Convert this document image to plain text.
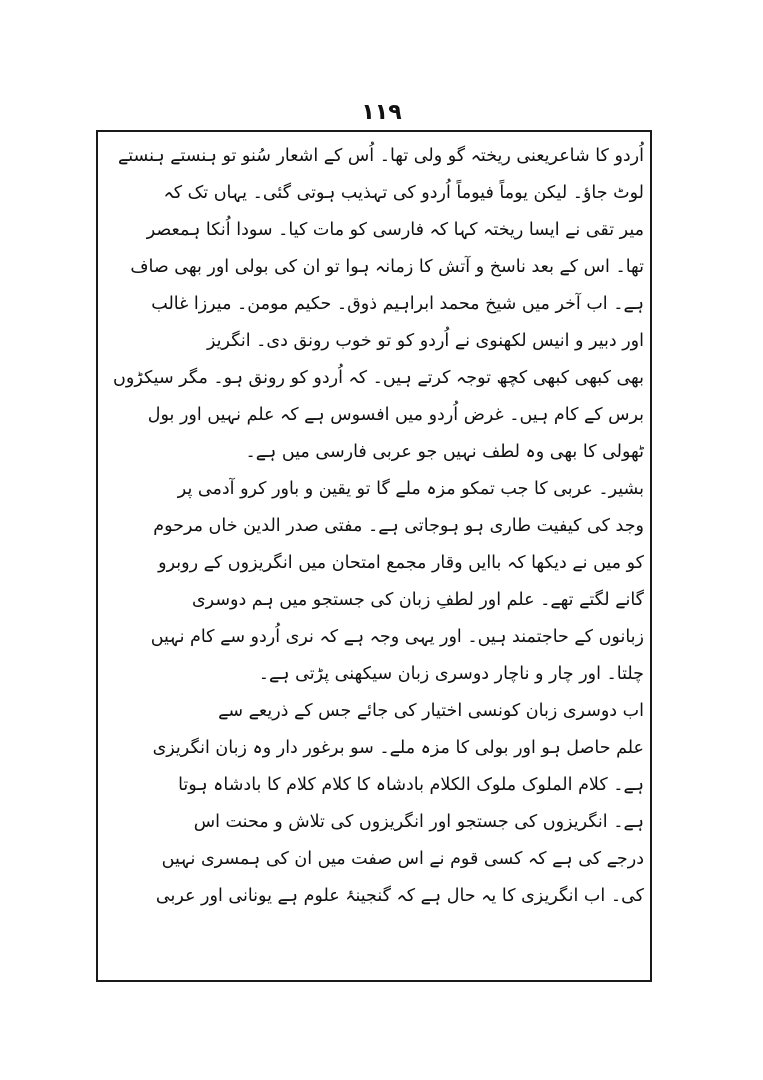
۱۱۹
اُردو کا شاعریعنی ریختہ گو ولی تھا۔ اُس کے اشعار سُنو تو ہنستے ہنستے
لوٹ جاؤ۔ لیکن یوماً فیوماً اُردو کی تہذیب ہوتی گئی۔ یہاں تک کہ
میر تقی نے ایسا ریختہ کہا کہ فارسی کو مات کیا۔ سودا اُنکا ہمعصر
تھا۔ اس کے بعد ناسخ و آتش کا زمانہ ہوا تو ان کی بولی اور بھی صاف
ہے۔ اب آخر میں شیخ محمد ابراہیم ذوق۔ حکیم مومن۔ میرزا غالب
اور دبیر و انیس لکھنوی نے اُردو کو تو خوب رونق دی۔ انگریز
بھی کبھی کبھی کچھ توجہ کرتے ہیں۔ کہ اُردو کو رونق ہو۔ مگر سیکڑوں
برس کے کام ہیں۔ غرض اُردو میں افسوس ہے کہ علم نہیں اور بول
ٹھولی کا بھی وہ لطف نہیں جو عربی فارسی میں ہے۔
بشیر۔ عربی کا جب تمکو مزہ ملے گا تو یقین و باور کرو آدمی پر
وجد کی کیفیت طاری ہو ہوجاتی ہے۔ مفتی صدر الدین خاں مرحوم
کو میں نے دیکھا کہ باایں وقار مجمع امتحان میں انگریزوں کے روبرو
گانے لگتے تھے۔ علم اور لطفِ زبان کی جستجو میں ہم دوسری
زبانوں کے حاجتمند ہیں۔ اور یہی وجہ ہے کہ نری اُردو سے کام نہیں
چلتا۔ اور چار و ناچار دوسری زبان سیکھنی پڑتی ہے۔
اب دوسری زبان کونسی اختیار کی جائے جس کے ذریعے سے
علم حاصل ہو اور بولی کا مزہ ملے۔ سو برغور دار وہ زبان انگریزی
ہے۔ کلام الملوک ملوک الکلام بادشاہ کا کلام کلام کا بادشاہ ہوتا
ہے۔ انگریزوں کی جستجو اور انگریزوں کی تلاش و محنت اس
درجے کی ہے کہ کسی قوم نے اس صفت میں ان کی ہمسری نہیں
کی۔ اب انگریزی کا یہ حال ہے کہ گنجینۂ علوم ہے یونانی اور عربی
